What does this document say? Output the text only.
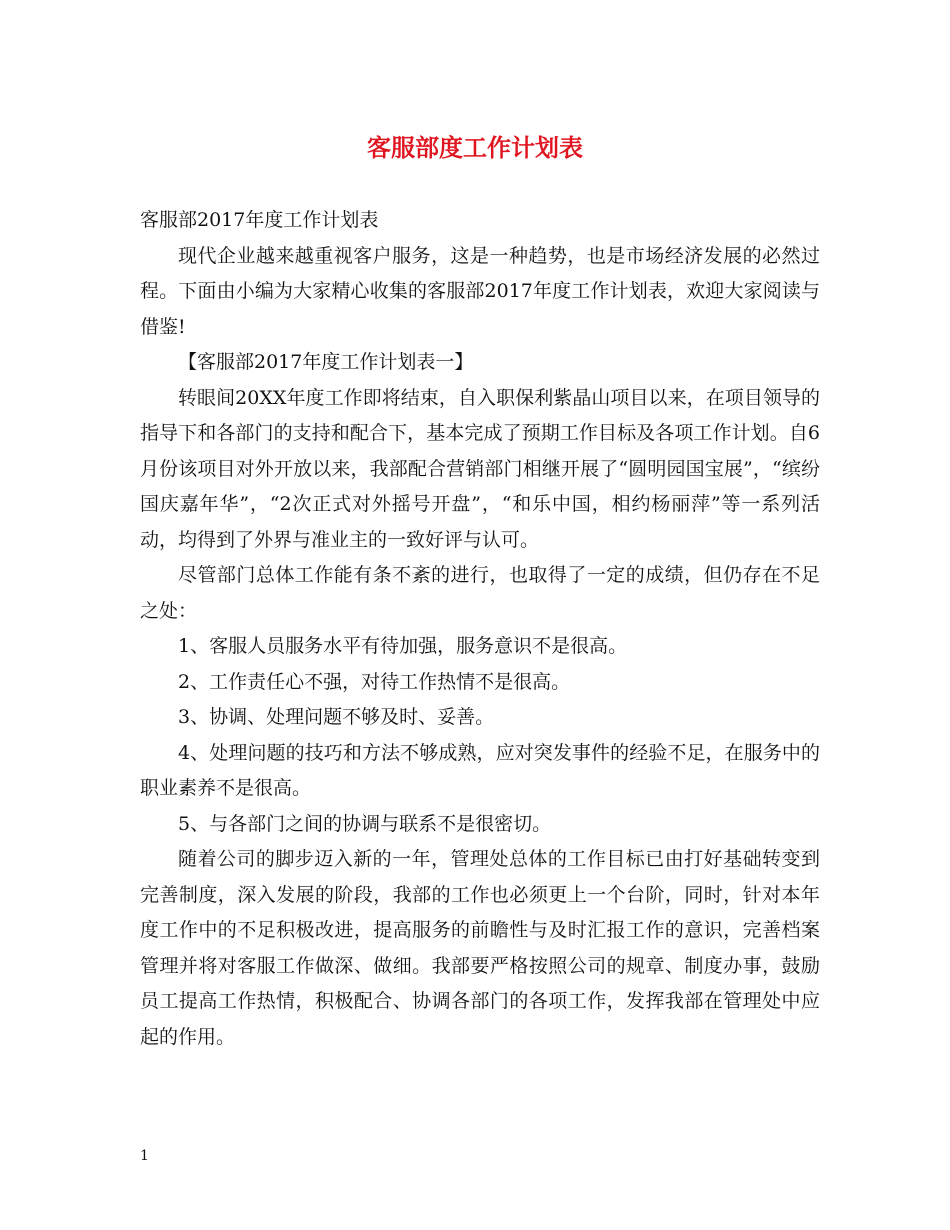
客服部度工作计划表

客服部2017年度工作计划表

现代企业越来越重视客户服务，这是一种趋势，也是市场经济发展的必然过程。下面由小编为大家精心收集的客服部2017年度工作计划表，欢迎大家阅读与借鉴!

【客服部2017年度工作计划表一】

转眼间20XX年度工作即将结束，自入职保利紫晶山项目以来，在项目领导的指导下和各部门的支持和配合下，基本完成了预期工作目标及各项工作计划。自6月份该项目对外开放以来，我部配合营销部门相继开展了“圆明园国宝展”，“缤纷国庆嘉年华”，“2次正式对外摇号开盘”，“和乐中国，相约杨丽萍”等一系列活动，均得到了外界与准业主的一致好评与认可。

尽管部门总体工作能有条不紊的进行，也取得了一定的成绩，但仍存在不足之处：

1、客服人员服务水平有待加强，服务意识不是很高。

2、工作责任心不强，对待工作热情不是很高。

3、协调、处理问题不够及时、妥善。

4、处理问题的技巧和方法不够成熟，应对突发事件的经验不足，在服务中的职业素养不是很高。

5、与各部门之间的协调与联系不是很密切。

随着公司的脚步迈入新的一年，管理处总体的工作目标已由打好基础转变到完善制度，深入发展的阶段，我部的工作也必须更上一个台阶，同时，针对本年度工作中的不足积极改进，提高服务的前瞻性与及时汇报工作的意识，完善档案管理并将对客服工作做深、做细。我部要严格按照公司的规章、制度办事，鼓励员工提高工作热情，积极配合、协调各部门的各项工作，发挥我部在管理处中应起的作用。

1
